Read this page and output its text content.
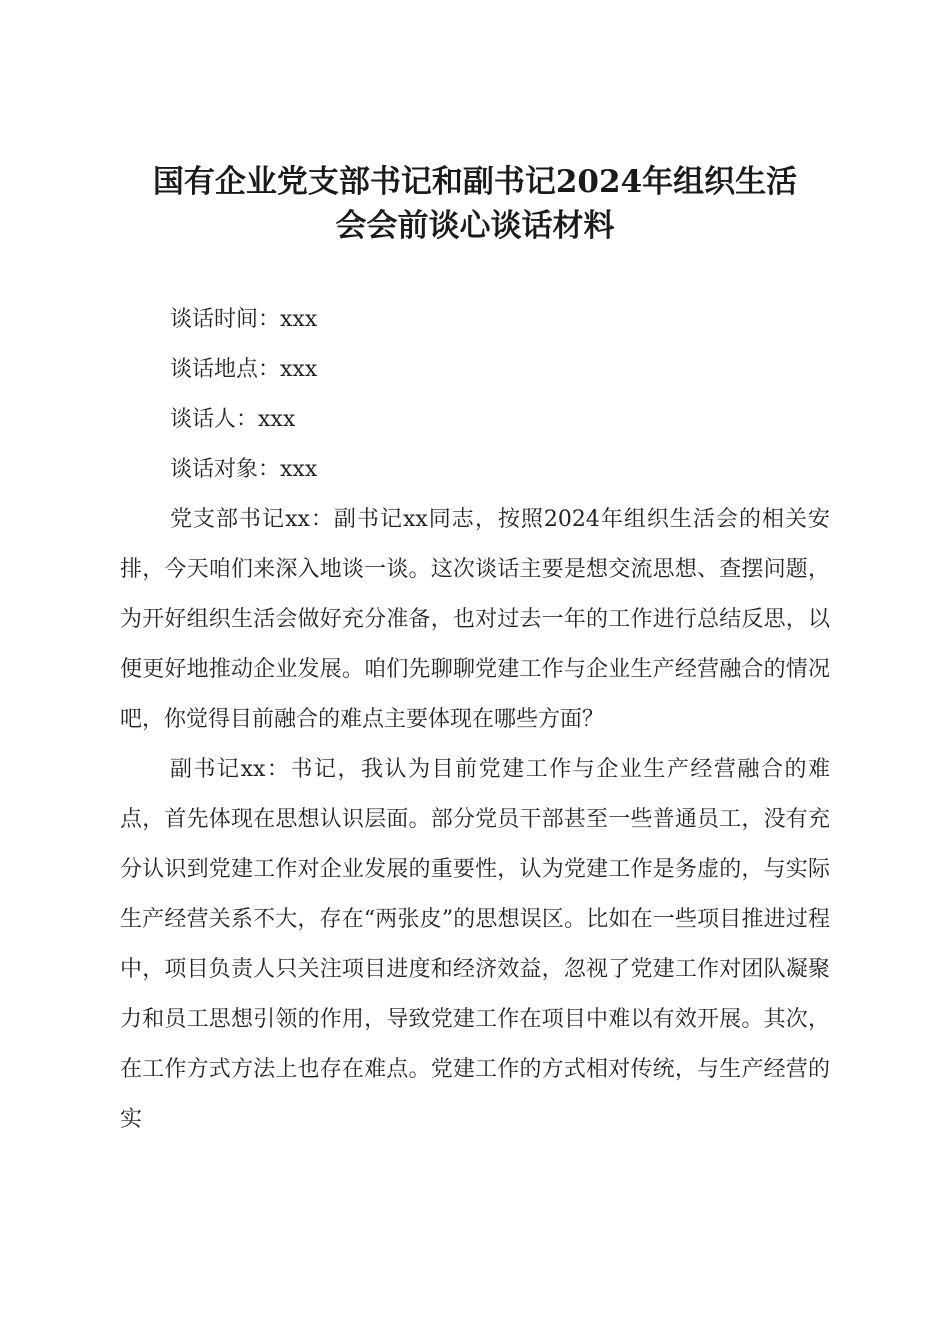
国有企业党支部书记和副书记2024年组织生活
会会前谈心谈话材料
谈话时间：xxx
谈话地点：xxx
谈话人：xxx
谈话对象：xxx

党支部书记xx：副书记xx同志，按照2024年组织生活会的相关安排，今天咱们来深入地谈一谈。这次谈话主要是想交流思想、查摆问题，为开好组织生活会做好充分准备，也对过去一年的工作进行总结反思，以便更好地推动企业发展。咱们先聊聊党建工作与企业生产经营融合的情况吧，你觉得目前融合的难点主要体现在哪些方面？

副书记xx：书记，我认为目前党建工作与企业生产经营融合的难点，首先体现在思想认识层面。部分党员干部甚至一些普通员工，没有充分认识到党建工作对企业发展的重要性，认为党建工作是务虚的，与实际生产经营关系不大，存在“两张皮”的思想误区。比如在一些项目推进过程中，项目负责人只关注项目进度和经济效益，忽视了党建工作对团队凝聚力和员工思想引领的作用，导致党建工作在项目中难以有效开展。其次，在工作方式方法上也存在难点。党建工作的方式相对传统，与生产经营的实
